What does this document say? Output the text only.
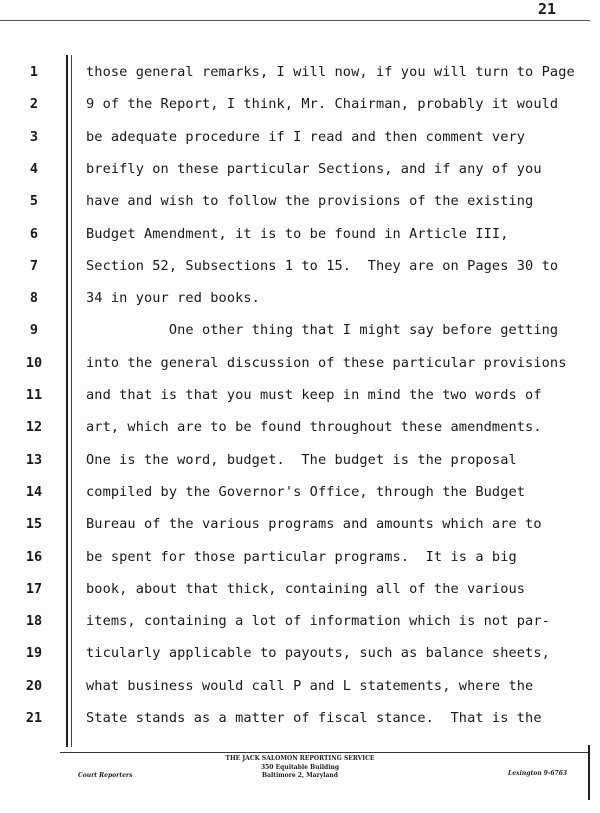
21
1	those general remarks, I will now, if you will turn to Page
2	9 of the Report, I think, Mr. Chairman, probably it would
3	be adequate procedure if I read and then comment very
4	breifly on these particular Sections, and if any of you
5	have and wish to follow the provisions of the existing
6	Budget Amendment, it is to be found in Article III,
7	Section 52, Subsections 1 to 15.  They are on Pages 30 to
8	34 in your red books.
9	One other thing that I might say before getting
10	into the general discussion of these particular provisions
11	and that is that you must keep in mind the two words of
12	art, which are to be found throughout these amendments.
13	One is the word, budget.  The budget is the proposal
14	compiled by the Governor's Office, through the Budget
15	Bureau of the various programs and amounts which are to
16	be spent for those particular programs.  It is a big
17	book, about that thick, containing all of the various
18	items, containing a lot of information which is not par-
19	ticularly applicable to payouts, such as balance sheets,
20	what business would call P and L statements, where the
21	State stands as a matter of fiscal stance.  That is the
THE JACK SALOMON REPORTING SERVICE
350 Equitable Building
Baltimore 2, Maryland
Court Reporters	Lexington 9-6763
